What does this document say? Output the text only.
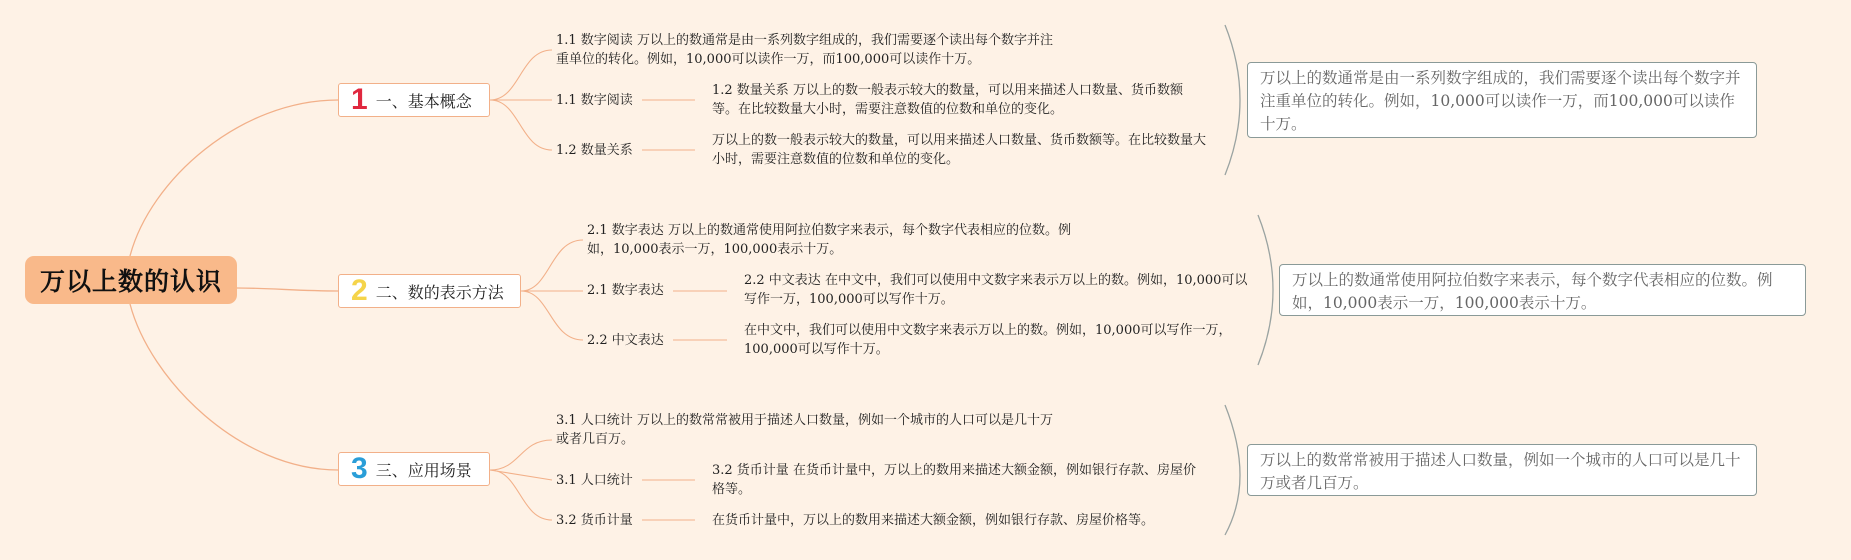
万以上数的认识
1 一、基本概念
1.1 数字阅读 万以上的数通常是由一系列数字组成的，我们需要逐个读出每个数字并注重单位的转化。例如，10,000可以读作一万，而100,000可以读作十万。
1.1 数字阅读
1.2 数量关系 万以上的数一般表示较大的数量，可以用来描述人口数量、货币数额等。在比较数量大小时，需要注意数值的位数和单位的变化。
1.2 数量关系
万以上的数一般表示较大的数量，可以用来描述人口数量、货币数额等。在比较数量大小时，需要注意数值的位数和单位的变化。
万以上的数通常是由一系列数字组成的，我们需要逐个读出每个数字并注重单位的转化。例如，10,000可以读作一万，而100,000可以读作十万。
2 二、数的表示方法
2.1 数字表达 万以上的数通常使用阿拉伯数字来表示，每个数字代表相应的位数。例如，10,000表示一万，100,000表示十万。
2.1 数字表达
2.2 中文表达 在中文中，我们可以使用中文数字来表示万以上的数。例如，10,000可以写作一万，100,000可以写作十万。
2.2 中文表达
在中文中，我们可以使用中文数字来表示万以上的数。例如，10,000可以写作一万，100,000可以写作十万。
万以上的数通常使用阿拉伯数字来表示，每个数字代表相应的位数。例如，10,000表示一万，100,000表示十万。
3 三、应用场景
3.1 人口统计 万以上的数常常被用于描述人口数量，例如一个城市的人口可以是几十万或者几百万。
3.1 人口统计
3.2 货币计量 在货币计量中，万以上的数用来描述大额金额，例如银行存款、房屋价格等。
3.2 货币计量	在货币计量中，万以上的数用来描述大额金额，例如银行存款、房屋价格等。
万以上的数常常被用于描述人口数量，例如一个城市的人口可以是几十万或者几百万。
